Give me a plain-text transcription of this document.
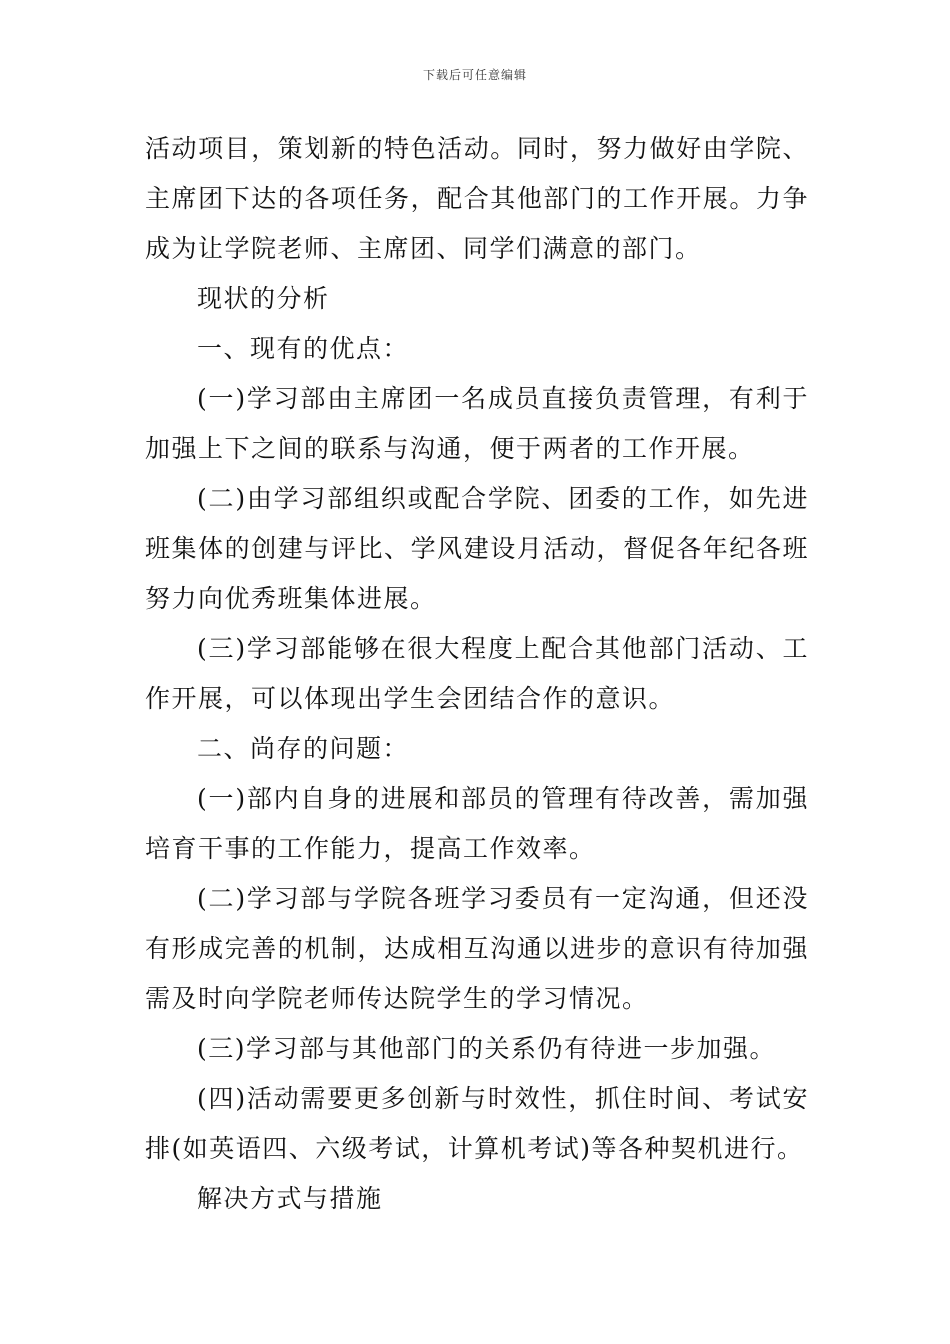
下载后可任意编辑

活动项目，策划新的特色活动。同时，努力做好由学院、主席团下达的各项任务，配合其他部门的工作开展。力争成为让学院老师、主席团、同学们满意的部门。

现状的分析

一、现有的优点：

(一)学习部由主席团一名成员直接负责管理，有利于加强上下之间的联系与沟通，便于两者的工作开展。

(二)由学习部组织或配合学院、团委的工作，如先进班集体的创建与评比、学风建设月活动，督促各年纪各班努力向优秀班集体进展。

(三)学习部能够在很大程度上配合其他部门活动、工作开展，可以体现出学生会团结合作的意识。

二、尚存的问题：

(一)部内自身的进展和部员的管理有待改善，需加强培育干事的工作能力，提高工作效率。

(二)学习部与学院各班学习委员有一定沟通，但还没有形成完善的机制，达成相互沟通以进步的意识有待加强需及时向学院老师传达院学生的学习情况。

(三)学习部与其他部门的关系仍有待进一步加强。

(四)活动需要更多创新与时效性，抓住时间、考试安排(如英语四、六级考试，计算机考试)等各种契机进行。

解决方式与措施
